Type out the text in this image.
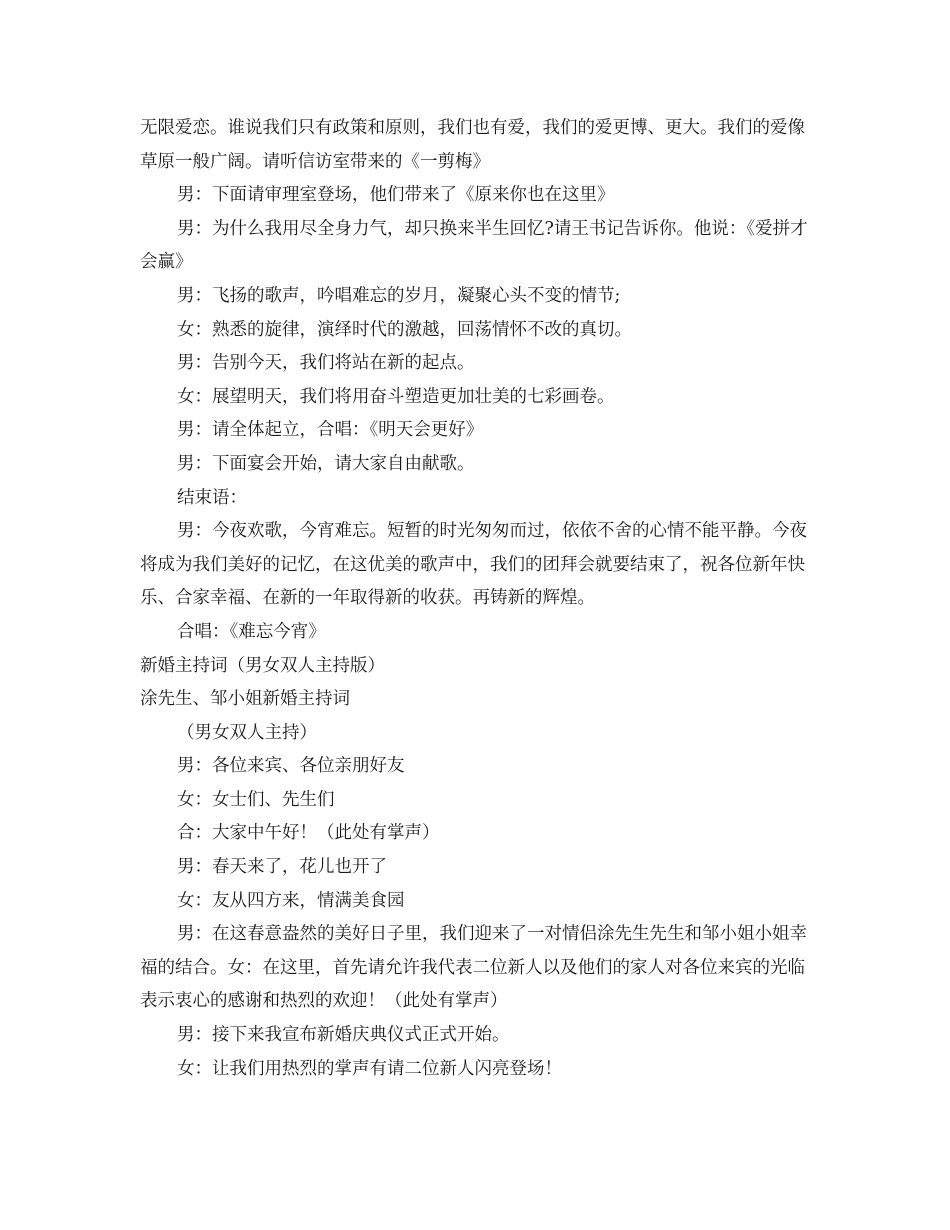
无限爱恋。谁说我们只有政策和原则，我们也有爱，我们的爱更博、更大。我们的爱像草原一般广阔。请听信访室带来的《一剪梅》

男：下面请审理室登场，他们带来了《原来你也在这里》

男：为什么我用尽全身力气，却只换来半生回忆?请王书记告诉你。他说：《爱拼才会赢》

男：飞扬的歌声，吟唱难忘的岁月，凝聚心头不变的情节;

女：熟悉的旋律，演绎时代的激越，回荡情怀不改的真切。

男：告别今天，我们将站在新的起点。

女：展望明天，我们将用奋斗塑造更加壮美的七彩画卷。

男：请全体起立，合唱：《明天会更好》

男：下面宴会开始，请大家自由献歌。

结束语：

男：今夜欢歌，今宵难忘。短暂的时光匆匆而过，依依不舍的心情不能平静。今夜将成为我们美好的记忆，在这优美的歌声中，我们的团拜会就要结束了，祝各位新年快乐、合家幸福、在新的一年取得新的收获。再铸新的辉煌。

合唱：《难忘今宵》

新婚主持词（男女双人主持版）

涂先生、邹小姐新婚主持词

（男女双人主持）

男：各位来宾、各位亲朋好友

女：女士们、先生们

合：大家中午好！（此处有掌声）

男：春天来了，花儿也开了

女：友从四方来，情满美食园

男：在这春意盎然的美好日子里，我们迎来了一对情侣涂先生先生和邹小姐小姐幸福的结合。女：在这里，首先请允许我代表二位新人以及他们的家人对各位来宾的光临表示衷心的感谢和热烈的欢迎！（此处有掌声）

男：接下来我宣布新婚庆典仪式正式开始。

女：让我们用热烈的掌声有请二位新人闪亮登场！
